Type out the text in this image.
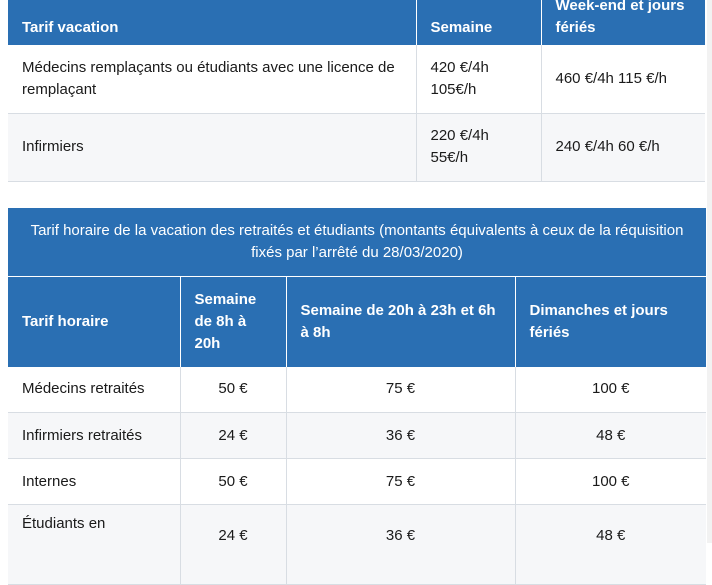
Tarif vacation	Semaine	Week-end et jours fériés
Médecins remplaçants ou étudiants avec une licence de remplaçant	420 €/4h 105€/h	460 €/4h 115 €/h
Infirmiers	220 €/4h 55€/h	240 €/4h 60 €/h
Tarif horaire de la vacation des retraités et étudiants (montants équivalents à ceux de la réquisition fixés par l’arrêté du 28/03/2020)			
Tarif horaire	Semaine de 8h à 20h	Semaine de 20h à 23h et 6h à 8h	Dimanches et jours fériés
Médecins retraités	50 €	75 €	100 €
Infirmiers retraités	24 €	36 €	48 €
Internes	50 €	75 €	100 €
Étudiants en	24 €	36 €	48 €
